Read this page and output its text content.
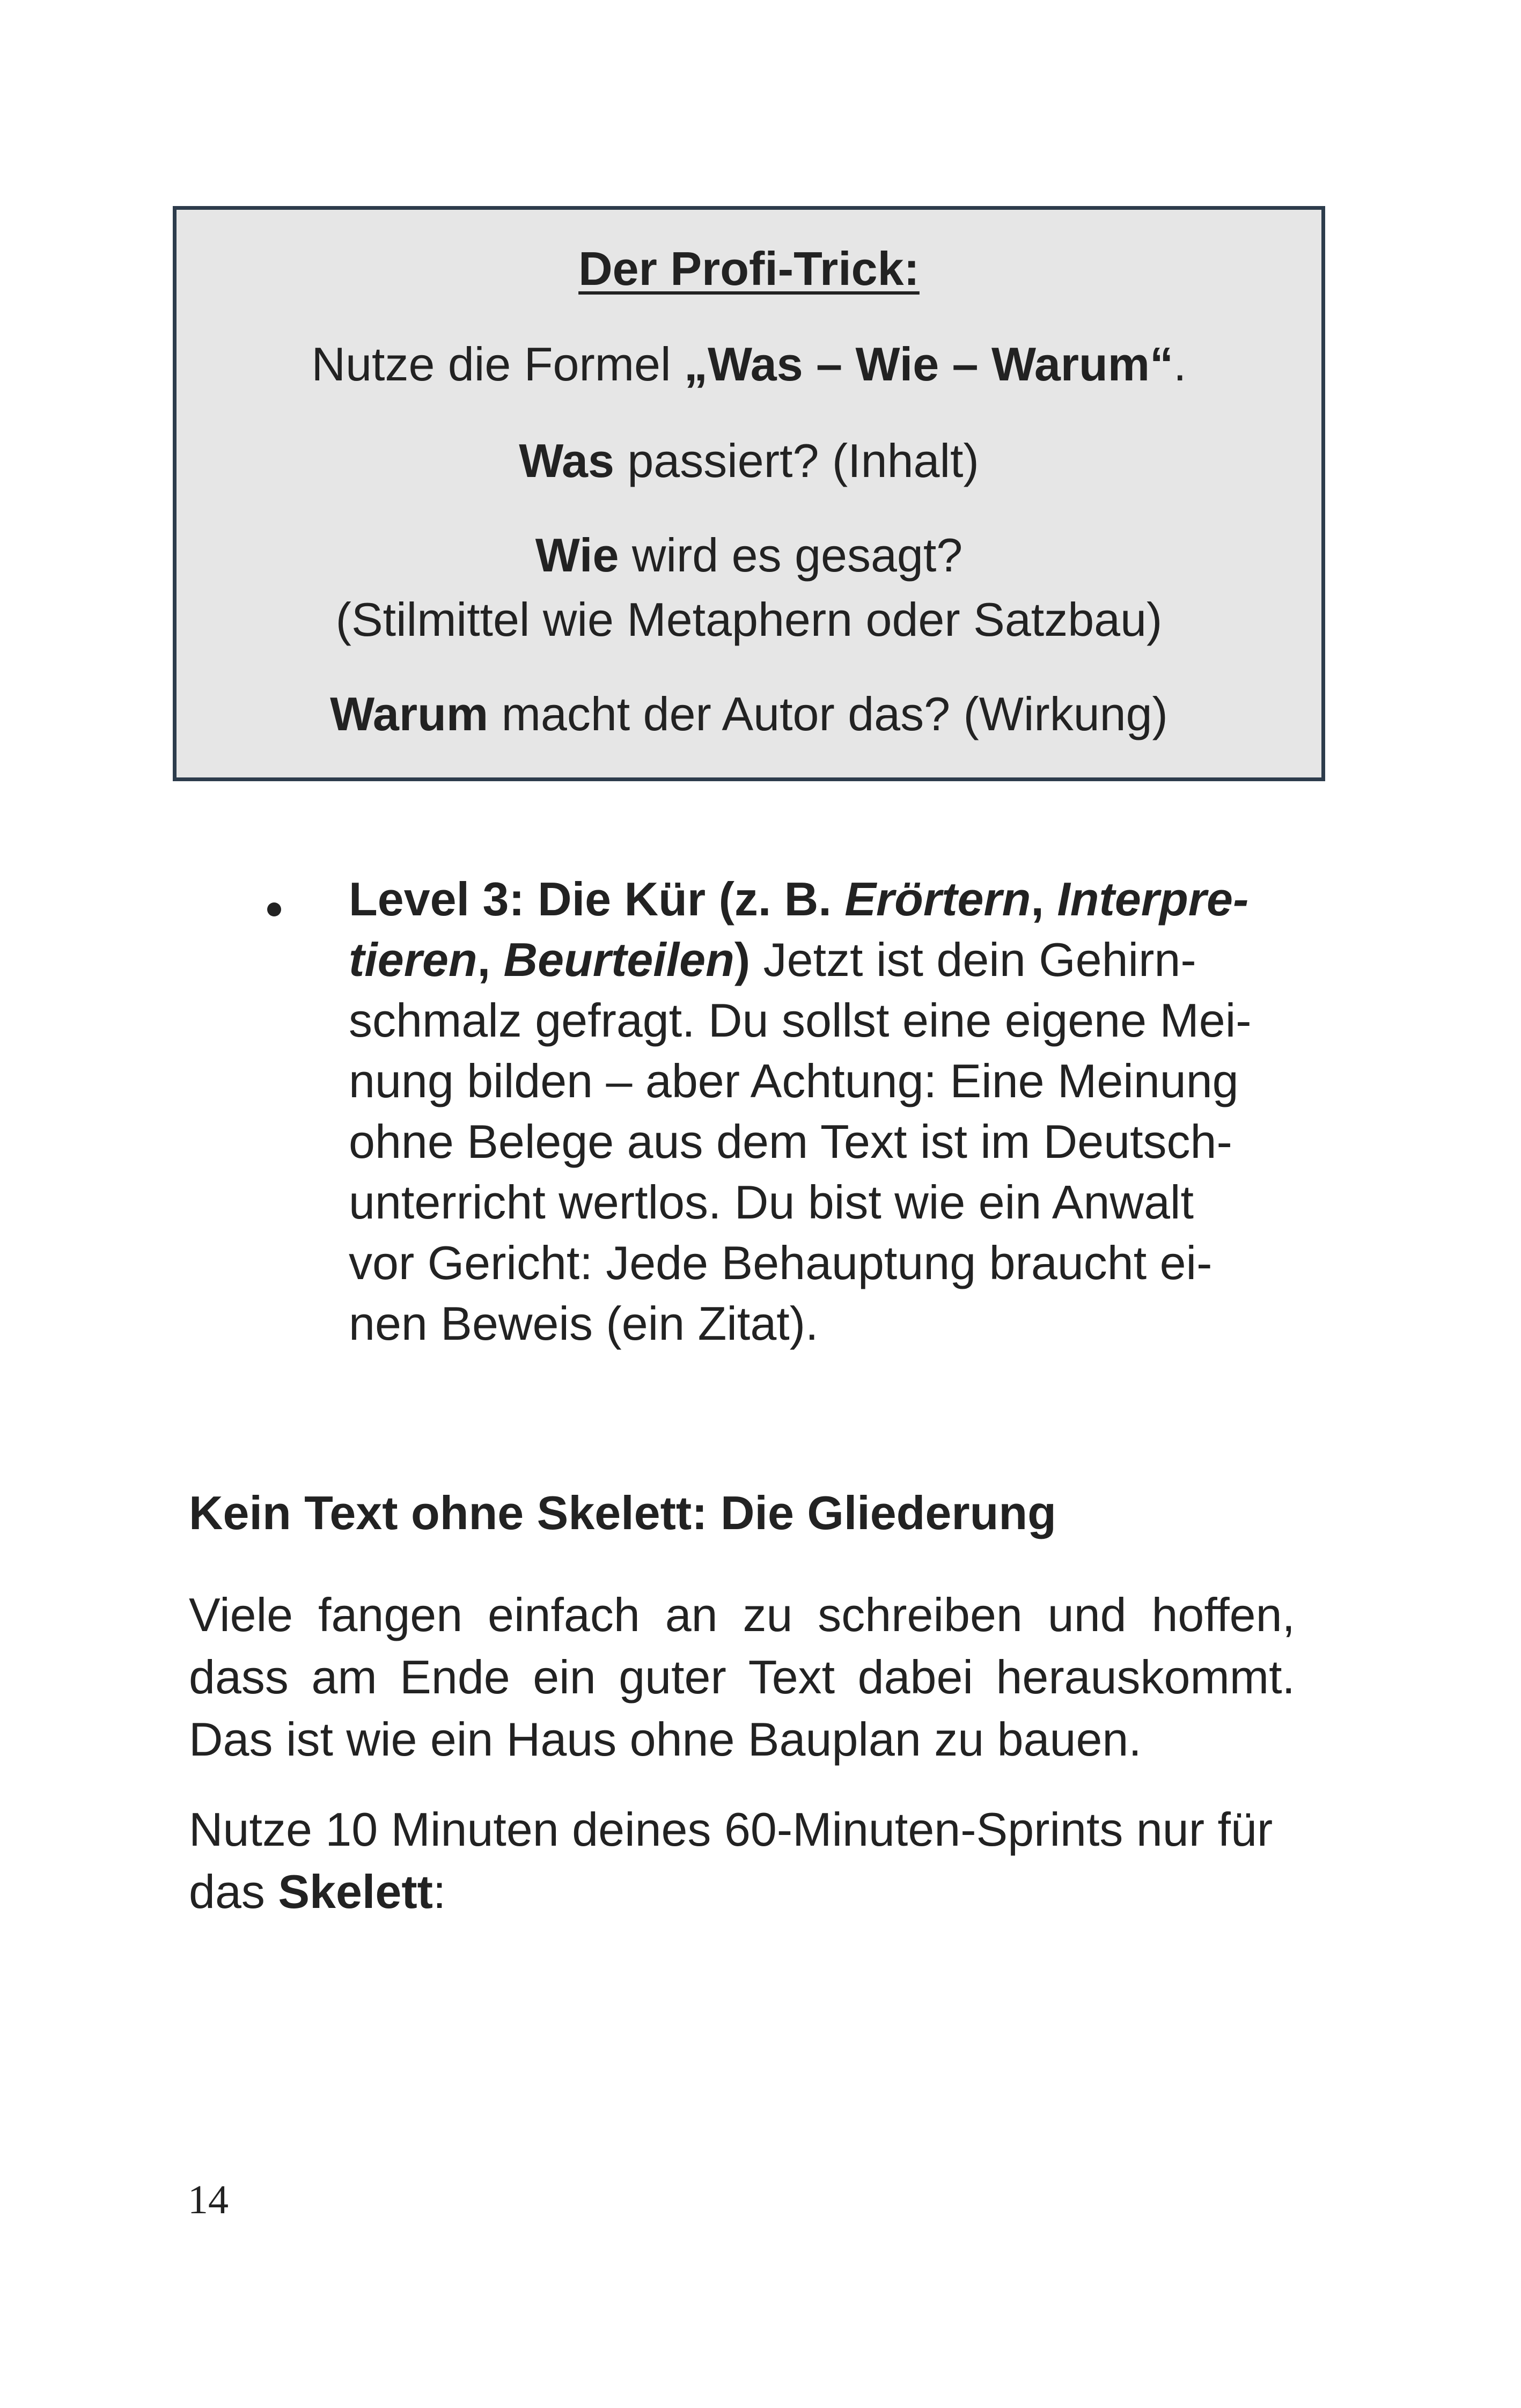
Der Profi-Trick:
Nutze die Formel „Was – Wie – Warum“.
Was passiert? (Inhalt)
Wie wird es gesagt?
(Stilmittel wie Metaphern oder Satzbau)
Warum macht der Autor das? (Wirkung)
Level 3: Die Kür (z. B. Erörtern, Interpre-
tieren, Beurteilen) Jetzt ist dein Gehirn-
schmalz gefragt. Du sollst eine eigene Mei-
nung bilden – aber Achtung: Eine Meinung
ohne Belege aus dem Text ist im Deutsch-
unterricht wertlos. Du bist wie ein Anwalt
vor Gericht: Jede Behauptung braucht ei-
nen Beweis (ein Zitat).
Kein Text ohne Skelett: Die Gliederung
Viele fangen einfach an zu schreiben und hoffen,
dass am Ende ein guter Text dabei herauskommt.
Das ist wie ein Haus ohne Bauplan zu bauen.
Nutze 10 Minuten deines 60-Minuten-Sprints nur für
das Skelett:
14
